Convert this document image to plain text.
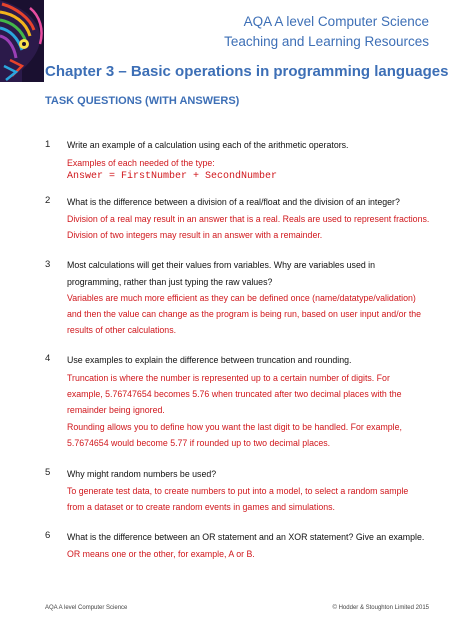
AQA A level Computer Science
Teaching and Learning Resources
Chapter 3 – Basic operations in programming languages
TASK QUESTIONS (WITH ANSWERS)
1 Write an example of a calculation using each of the arithmetic operators.
Examples of each needed of the type:
Answer = FirstNumber + SecondNumber
2 What is the difference between a division of a real/float and the division of an integer?
Division of a real may result in an answer that is a real. Reals are used to represent fractions.
Division of two integers may result in an answer with a remainder.
3 Most calculations will get their values from variables. Why are variables used in
programming, rather than just typing the raw values?
Variables are much more efficient as they can be defined once (name/datatype/validation)
and then the value can change as the program is being run, based on user input and/or the
results of other calculations.
4 Use examples to explain the difference between truncation and rounding.
Truncation is where the number is represented up to a certain number of digits. For
example, 5.76747654 becomes 5.76 when truncated after two decimal places with the
remainder being ignored.
Rounding allows you to define how you want the last digit to be handled. For example,
5.7674654 would become 5.77 if rounded up to two decimal places.
5 Why might random numbers be used?
To generate test data, to create numbers to put into a model, to select a random sample
from a dataset or to create random events in games and simulations.
6 What is the difference between an OR statement and an XOR statement? Give an example.
OR means one or the other, for example, A or B.
AQA A level Computer Science	© Hodder & Stoughton Limited 2015
